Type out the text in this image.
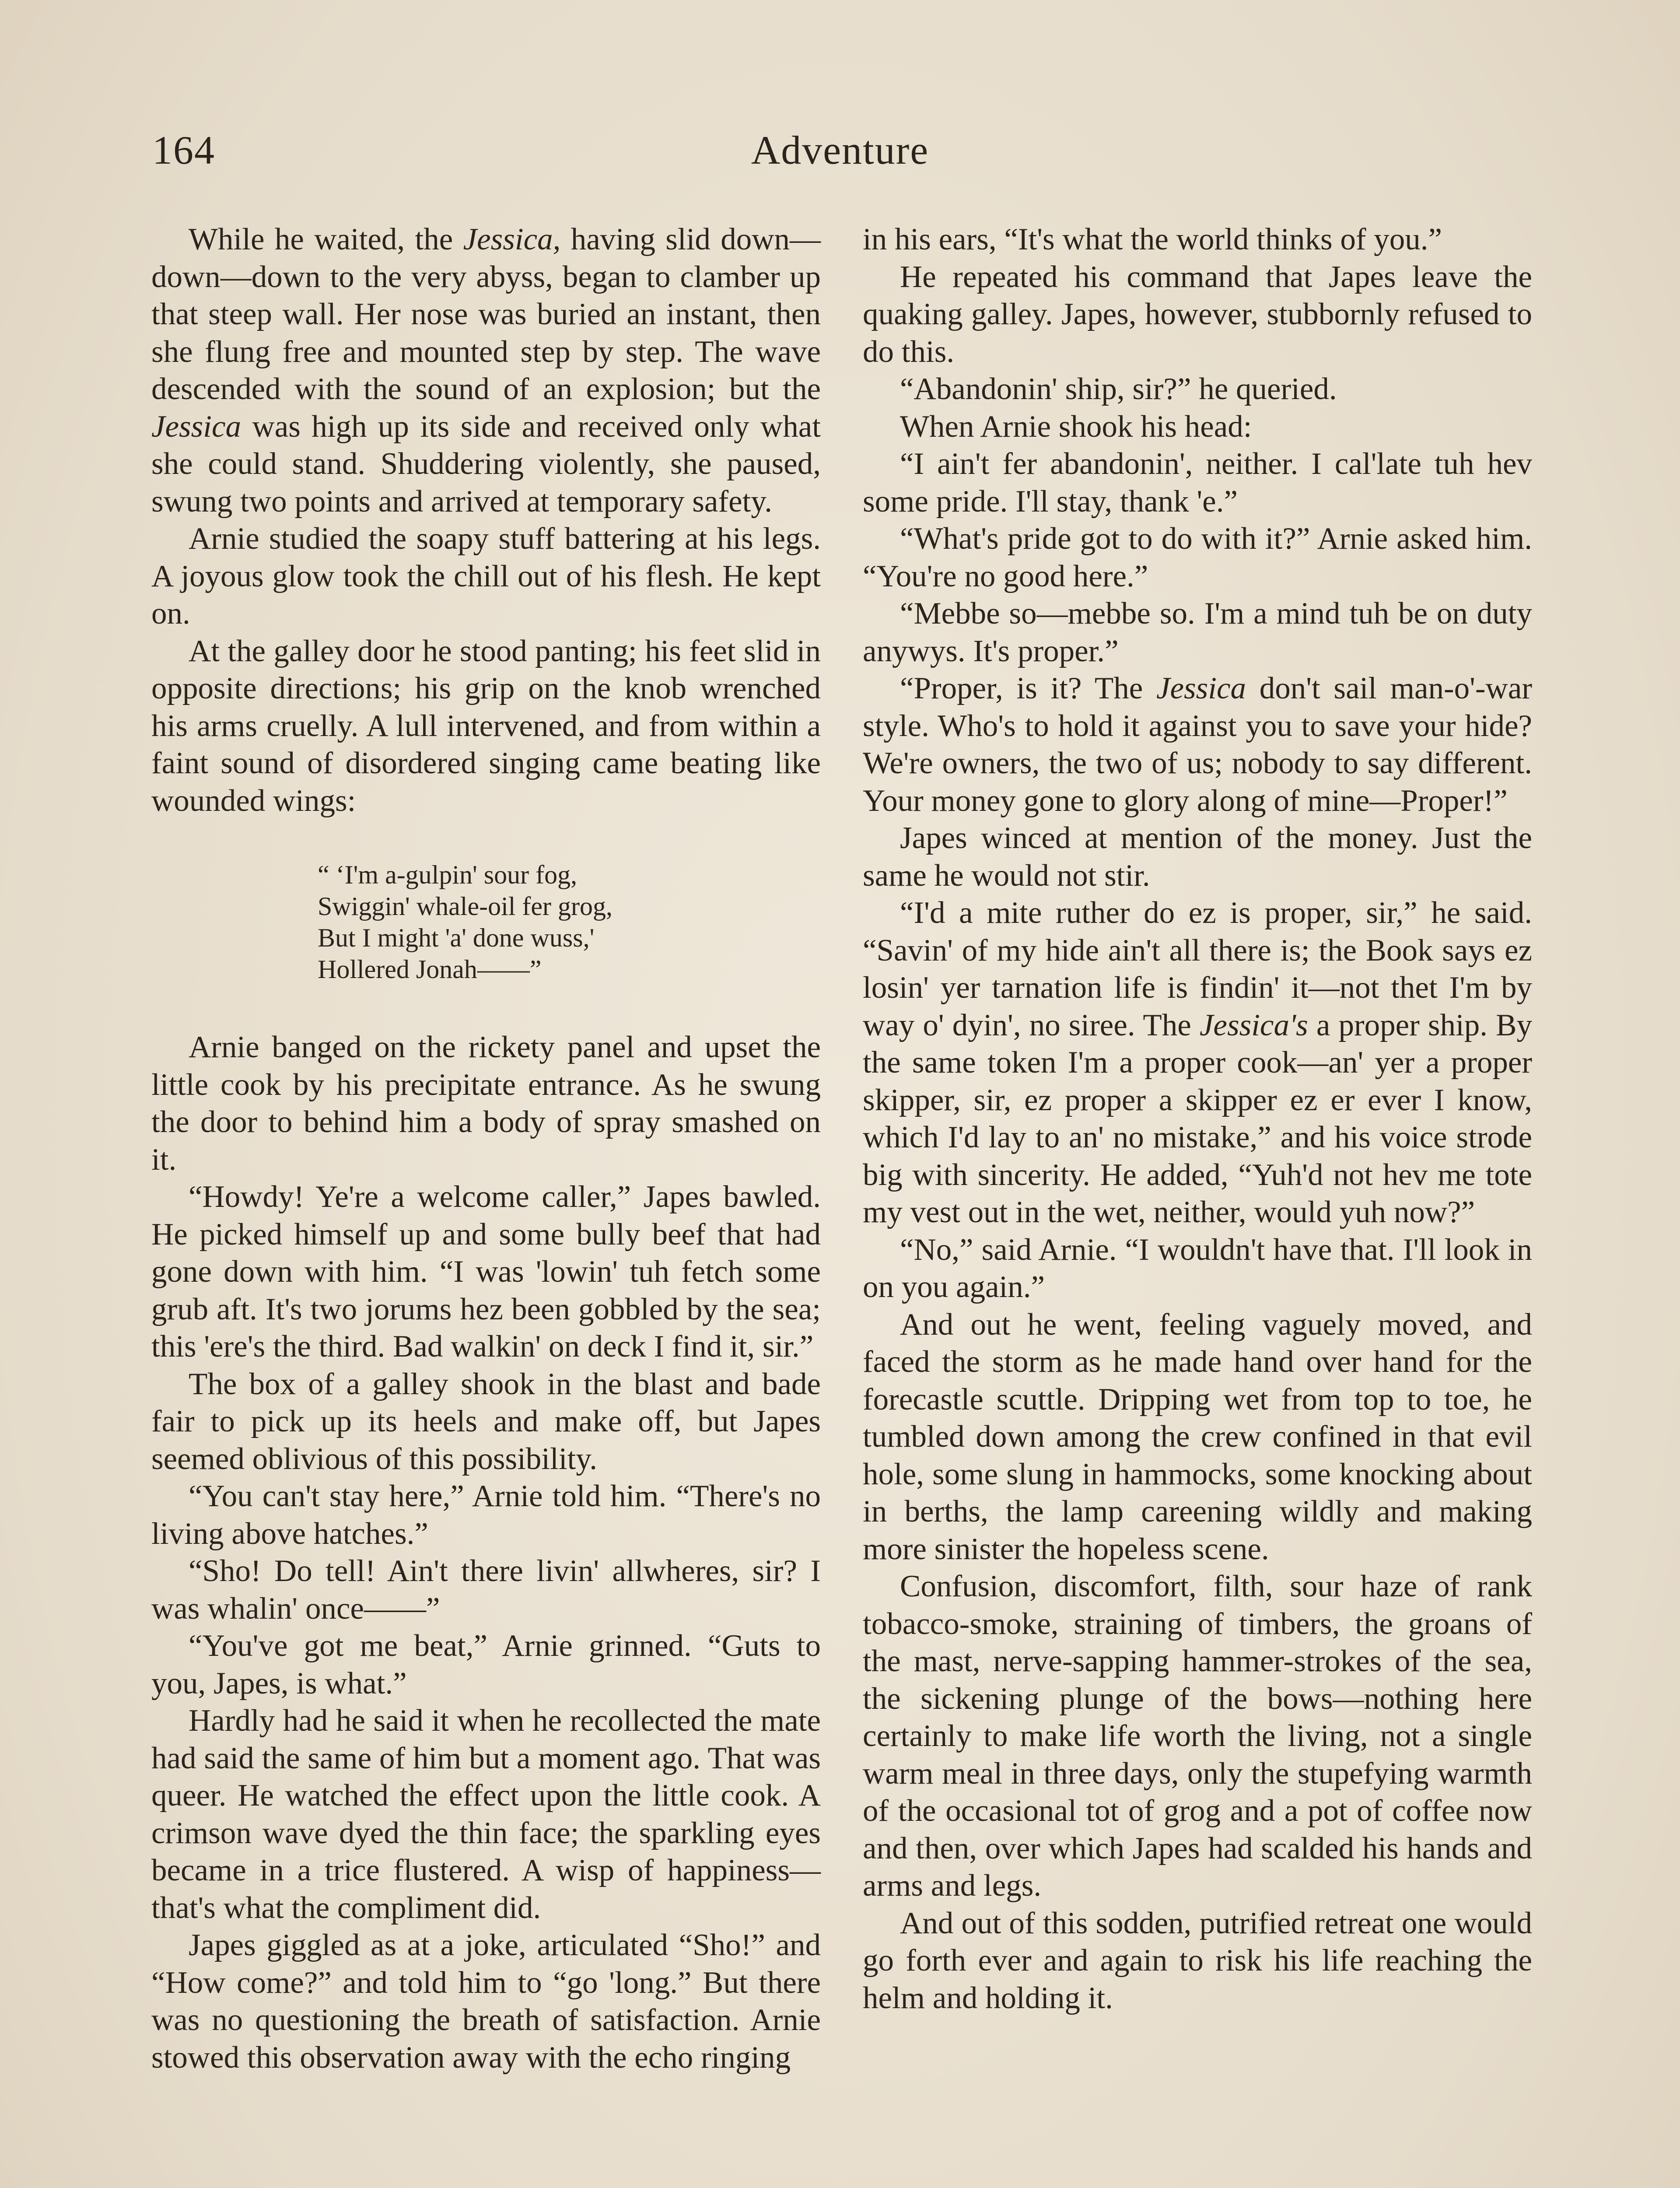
164	Adventure

While he waited, the Jessica, having slid down—down—down to the very abyss, began to clamber up that steep wall. Her nose was buried an instant, then she flung free and mounted step by step. The wave descended with the sound of an explosion; but the Jessica was high up its side and received only what she could stand. Shuddering violently, she paused, swung two points and arrived at temporary safety.

Arnie studied the soapy stuff battering at his legs. A joyous glow took the chill out of his flesh. He kept on.

At the galley door he stood panting; his feet slid in opposite directions; his grip on the knob wrenched his arms cruelly. A lull intervened, and from within a faint sound of disordered singing came beating like wounded wings:

“ ‘I'm a-gulpin' sour fog,
Swiggin' whale-oil fer grog,
But I might 'a' done wuss,'
Hollered Jonah——”

Arnie banged on the rickety panel and upset the little cook by his precipitate entrance. As he swung the door to behind him a body of spray smashed on it.

“Howdy! Ye're a welcome caller,” Japes bawled. He picked himself up and some bully beef that had gone down with him. “I was 'lowin' tuh fetch some grub aft. It's two jorums hez been gobbled by the sea; this 'ere's the third. Bad walkin' on deck I find it, sir.”

The box of a galley shook in the blast and bade fair to pick up its heels and make off, but Japes seemed oblivious of this possibility.

“You can't stay here,” Arnie told him. “There's no living above hatches.”

“Sho! Do tell! Ain't there livin' allwheres, sir? I was whalin' once——”

“You've got me beat,” Arnie grinned. “Guts to you, Japes, is what.”

Hardly had he said it when he recollected the mate had said the same of him but a moment ago. That was queer. He watched the effect upon the little cook. A crimson wave dyed the thin face; the sparkling eyes became in a trice flustered. A wisp of happiness—that's what the compliment did.

Japes giggled as at a joke, articulated “Sho!” and “How come?” and told him to “go 'long.” But there was no questioning the breath of satisfaction. Arnie stowed this observation away with the echo ringing

in his ears, “It's what the world thinks of you.”

He repeated his command that Japes leave the quaking galley. Japes, however, stubbornly refused to do this.

“Abandonin' ship, sir?” he queried.

When Arnie shook his head:

“I ain't fer abandonin', neither. I cal'late tuh hev some pride. I'll stay, thank 'e.”

“What's pride got to do with it?” Arnie asked him. “You're no good here.”

“Mebbe so—mebbe so. I'm a mind tuh be on duty anywys. It's proper.”

“Proper, is it? The Jessica don't sail man-o'-war style. Who's to hold it against you to save your hide? We're owners, the two of us; nobody to say different. Your money gone to glory along of mine—Proper!”

Japes winced at mention of the money. Just the same he would not stir.

“I'd a mite ruther do ez is proper, sir,” he said. “Savin' of my hide ain't all there is; the Book says ez losin' yer tarnation life is findin' it—not thet I'm by way o' dyin', no siree. The Jessica's a proper ship. By the same token I'm a proper cook—an' yer a proper skipper, sir, ez proper a skipper ez er ever I know, which I'd lay to an' no mistake,” and his voice strode big with sincerity. He added, “Yuh'd not hev me tote my vest out in the wet, neither, would yuh now?”

“No,” said Arnie. “I wouldn't have that. I'll look in on you again.”

And out he went, feeling vaguely moved, and faced the storm as he made hand over hand for the forecastle scuttle. Dripping wet from top to toe, he tumbled down among the crew confined in that evil hole, some slung in hammocks, some knocking about in berths, the lamp careening wildly and making more sinister the hopeless scene.

Confusion, discomfort, filth, sour haze of rank tobacco-smoke, straining of timbers, the groans of the mast, nerve-sapping hammer-strokes of the sea, the sickening plunge of the bows—nothing here certainly to make life worth the living, not a single warm meal in three days, only the stupefying warmth of the occasional tot of grog and a pot of coffee now and then, over which Japes had scalded his hands and arms and legs.

And out of this sodden, putrified retreat one would go forth ever and again to risk his life reaching the helm and holding it.
